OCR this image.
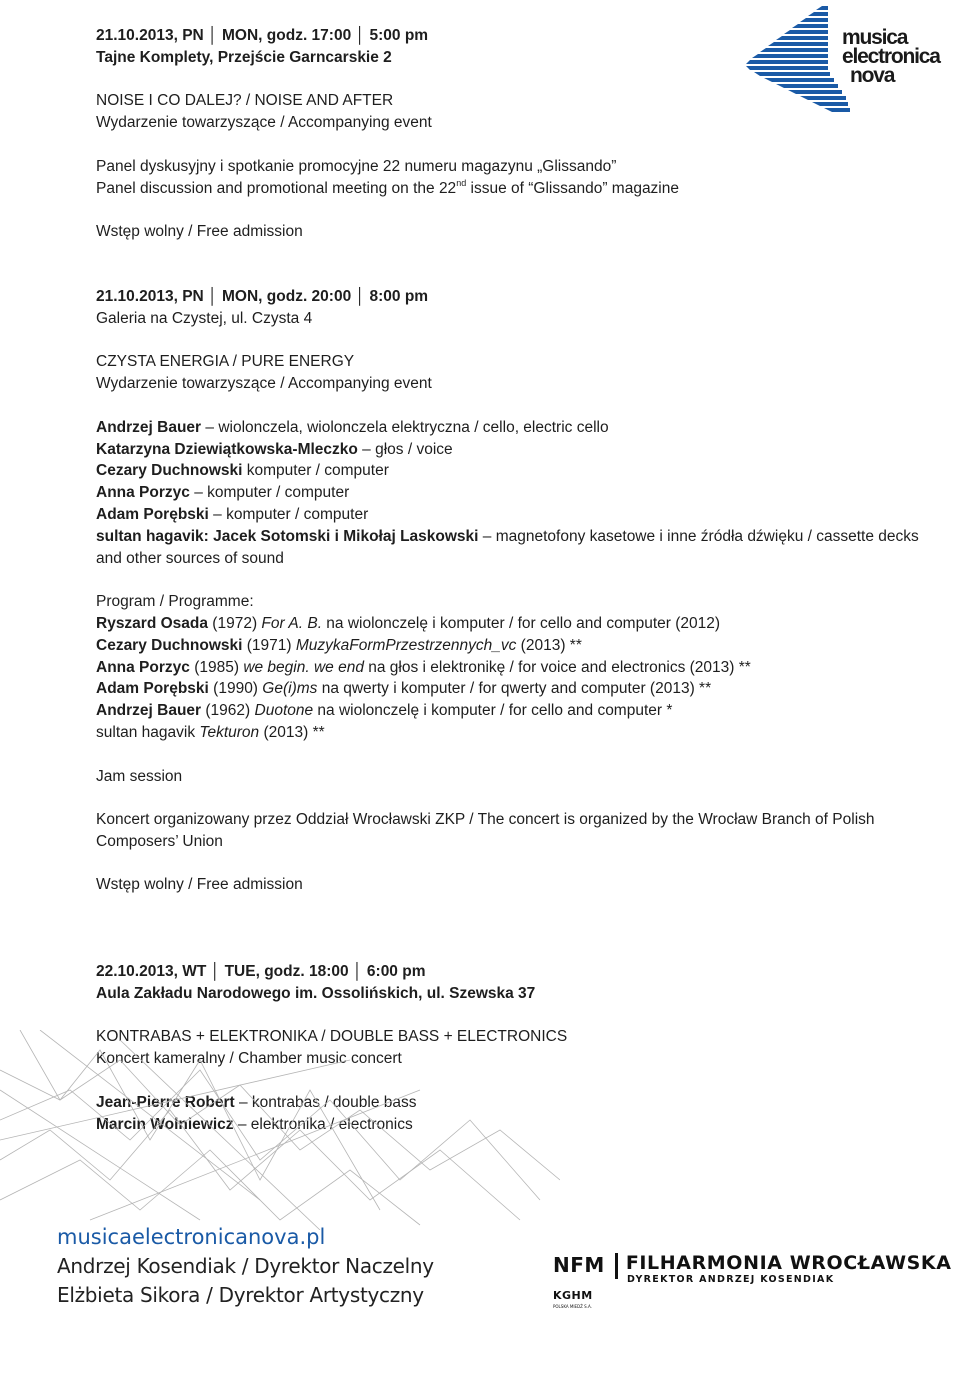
musica
electronica
nova
21.10.2013, PN │ MON, godz. 17:00 │ 5:00 pm
Tajne Komplety, Przejście Garncarskie 2
NOISE I CO DALEJ? / NOISE AND AFTER
Wydarzenie towarzyszące / Accompanying event
Panel dyskusyjny i spotkanie promocyjne 22 numeru magazynu „Glissando”
Panel discussion and promotional meeting on the 22nd issue of “Glissando” magazine
Wstęp wolny / Free admission
21.10.2013, PN │ MON, godz. 20:00 │ 8:00 pm
Galeria na Czystej, ul. Czysta 4
CZYSTA ENERGIA / PURE ENERGY
Wydarzenie towarzyszące / Accompanying event
Andrzej Bauer – wiolonczela, wiolonczela elektryczna / cello, electric cello
Katarzyna Dziewiątkowska-Mleczko – głos / voice
Cezary Duchnowski komputer / computer
Anna Porzyc – komputer / computer
Adam Porębski – komputer / computer
sultan hagavik: Jacek Sotomski i Mikołaj Laskowski – magnetofony kasetowe i inne źródła dźwięku / cassette decks and other sources of sound
Program / Programme:
Ryszard Osada (1972) For A. B. na wiolonczelę i komputer / for cello and computer (2012)
Cezary Duchnowski (1971) MuzykaFormPrzestrzennych_vc (2013) **
Anna Porzyc (1985) we begin. we end na głos i elektronikę / for voice and electronics (2013) **
Adam Porębski (1990) Ge(i)ms na qwerty i komputer / for qwerty and computer (2013) **
Andrzej Bauer (1962) Duotone na wiolonczelę i komputer / for cello and computer *
sultan hagavik Tekturon (2013) **
Jam session
Koncert organizowany przez Oddział Wrocławski ZKP / The concert is organized by the Wrocław Branch of Polish Composers’ Union
Wstęp wolny / Free admission
22.10.2013, WT │ TUE, godz. 18:00 │ 6:00 pm
Aula Zakładu Narodowego im. Ossolińskich, ul. Szewska 37
KONTRABAS + ELEKTRONIKA / DOUBLE BASS + ELECTRONICS
Koncert kameralny / Chamber music concert
Jean-Pierre Robert – kontrabas / double bass
Marcin Wolniewicz – elektronika / electronics
musicaelectronicanova.pl
Andrzej Kosendiak / Dyrektor Naczelny
Elżbieta Sikora / Dyrektor Artystyczny
NFM FILHARMONIA WROCŁAWSKA
DYREKTOR ANDRZEJ KOSENDIAK
KGHM
POLSKA MIEDŹ S.A.
